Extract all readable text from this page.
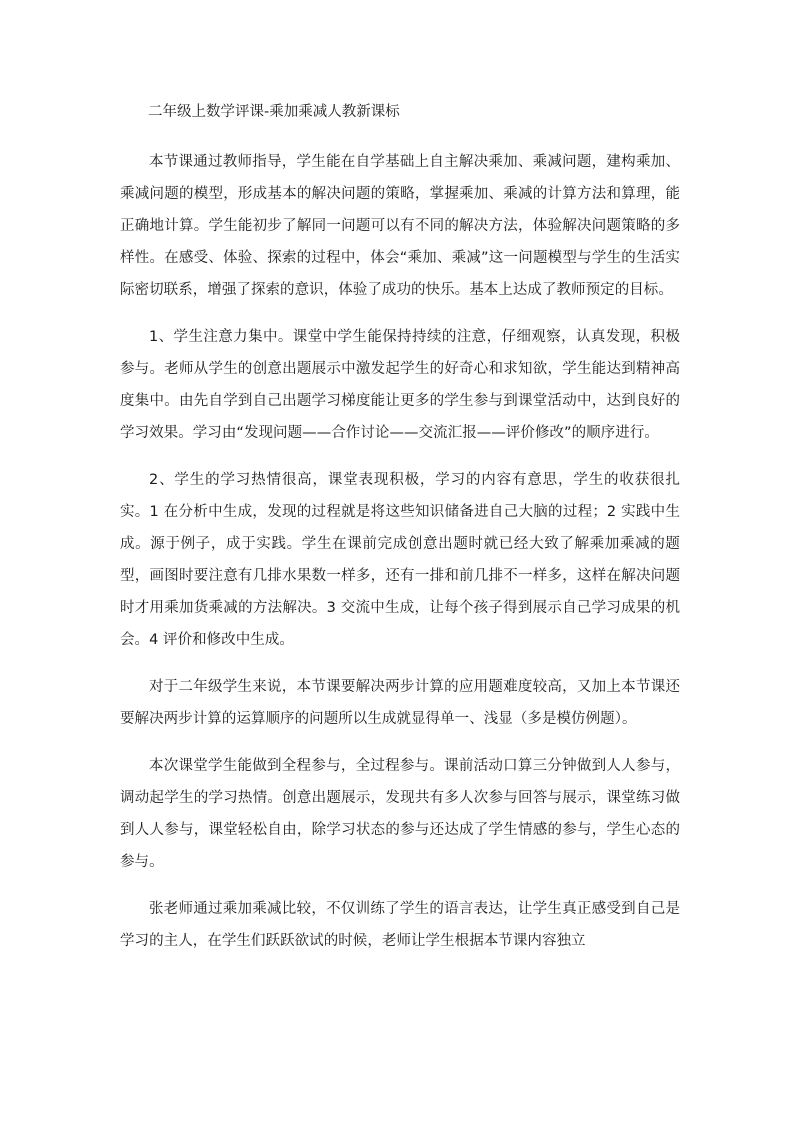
二年级上数学评课-乘加乘减人教新课标

本节课通过教师指导，学生能在自学基础上自主解决乘加、乘减问题，建构乘加、乘减问题的模型，形成基本的解决问题的策略，掌握乘加、乘减的计算方法和算理，能正确地计算。学生能初步了解同一问题可以有不同的解决方法，体验解决问题策略的多样性。在感受、体验、探索的过程中，体会“乘加、乘减”这一问题模型与学生的生活实际密切联系，增强了探索的意识，体验了成功的快乐。基本上达成了教师预定的目标。

1、学生注意力集中。课堂中学生能保持持续的注意，仔细观察，认真发现，积极参与。老师从学生的创意出题展示中激发起学生的好奇心和求知欲，学生能达到精神高度集中。由先自学到自己出题学习梯度能让更多的学生参与到课堂活动中，达到良好的学习效果。学习由“发现问题——合作讨论——交流汇报——评价修改”的顺序进行。

2、学生的学习热情很高，课堂表现积极，学习的内容有意思，学生的收获很扎实。1 在分析中生成，发现的过程就是将这些知识储备进自己大脑的过程；2 实践中生成。源于例子，成于实践。学生在课前完成创意出题时就已经大致了解乘加乘减的题型，画图时要注意有几排水果数一样多，还有一排和前几排不一样多，这样在解决问题时才用乘加货乘减的方法解决。3 交流中生成，让每个孩子得到展示自己学习成果的机会。4 评价和修改中生成。

对于二年级学生来说，本节课要解决两步计算的应用题难度较高，又加上本节课还要解决两步计算的运算顺序的问题所以生成就显得单一、浅显（多是模仿例题）。

本次课堂学生能做到全程参与，全过程参与。课前活动口算三分钟做到人人参与，调动起学生的学习热情。创意出题展示，发现共有多人次参与回答与展示，课堂练习做到人人参与，课堂轻松自由，除学习状态的参与还达成了学生情感的参与，学生心态的参与。

张老师通过乘加乘减比较，不仅训练了学生的语言表达，让学生真正感受到自己是学习的主人，在学生们跃跃欲试的时候，老师让学生根据本节课内容独立
